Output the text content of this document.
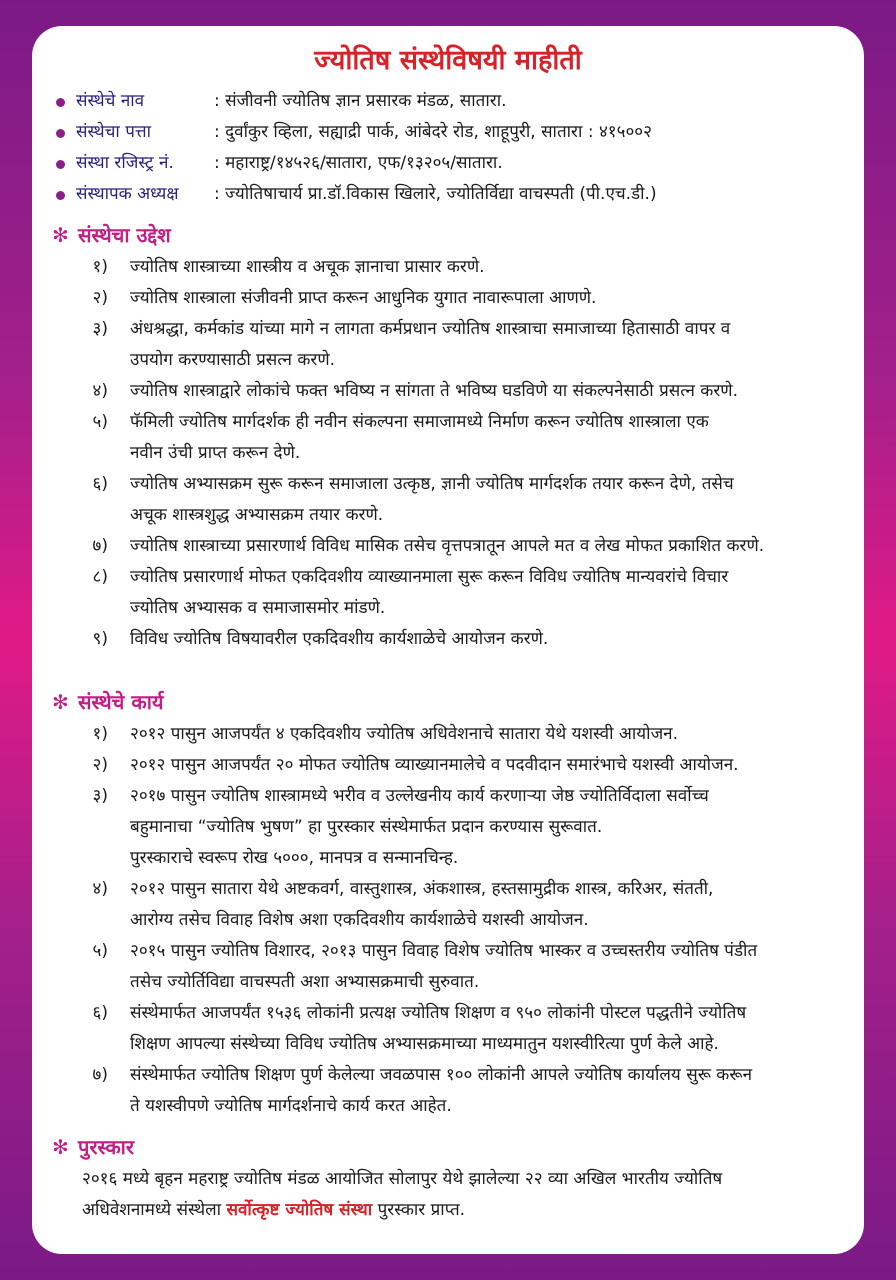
ज्योतिष संस्थेविषयी माहीती
संस्थेचे नाव	: संजीवनी ज्योतिष ज्ञान प्रसारक मंडळ, सातारा.
संस्थेचा पत्ता	: दुर्वांकुर व्हिला, सह्याद्री पार्क, आंबेदरे रोड, शाहूपुरी, सातारा : ४१५००२
संस्था रजिस्ट्र नं. : महाराष्ट्र/१४५२६/सातारा, एफ/१३२०५/सातारा.
संस्थापक अध्यक्ष : ज्योतिषाचार्य प्रा.डॉ.विकास खिलारे, ज्योतिर्विद्या वाचस्पती (पी.एच.डी.)
✻ संस्थेचा उद्देश
१)	ज्योतिष शास्त्राच्या शास्त्रीय व अचूक ज्ञानाचा प्रासार करणे.
२)	ज्योतिष शास्त्राला संजीवनी प्राप्त करून आधुनिक युगात नावारूपाला आणणे.
३)	अंधश्रद्धा, कर्मकांड यांच्या मागे न लागता कर्मप्रधान ज्योतिष शास्त्राचा समाजाच्या हितासाठी वापर व
उपयोग करण्यासाठी प्रसत्न करणे.
४)	ज्योतिष शास्त्राद्वारे लोकांचे फक्त भविष्य न सांगता ते भविष्य घडविणे या संकल्पनेसाठी प्रसत्न करणे.
५)	फॅमिली ज्योतिष मार्गदर्शक ही नवीन संकल्पना समाजामध्ये निर्माण करून ज्योतिष शास्त्राला एक
नवीन उंची प्राप्त करून देणे.
६)	ज्योतिष अभ्यासक्रम सुरू करून समाजाला उत्कृष्ठ, ज्ञानी ज्योतिष मार्गदर्शक तयार करून देणे, तसेच
अचूक शास्त्रशुद्ध अभ्यासक्रम तयार करणे.
७)	ज्योतिष शास्त्राच्या प्रसारणार्थ विविध मासिक तसेच वृत्तपत्रातून आपले मत व लेख मोफत प्रकाशित करणे.
८)	ज्योतिष प्रसारणार्थ मोफत एकदिवशीय व्याख्यानमाला सुरू करून विविध ज्योतिष मान्यवरांचे विचार
ज्योतिष अभ्यासक व समाजासमोर मांडणे.
९)	विविध ज्योतिष विषयावरील एकदिवशीय कार्यशाळेचे आयोजन करणे.
✻ संस्थेचे कार्य
१)	२०१२ पासुन आजपर्यंत ४ एकदिवशीय ज्योतिष अधिवेशनाचे सातारा येथे यशस्वी आयोजन.
२)	२०१२ पासुन आजपर्यंत २० मोफत ज्योतिष व्याख्यानमालेचे व पदवीदान समारंभाचे यशस्वी आयोजन.
३)	२०१७ पासुन ज्योतिष शास्त्रामध्ये भरीव व उल्लेखनीय कार्य करणाऱ्या जेष्ठ ज्योतिर्विदाला सर्वोच्च
बहुमानाचा “ज्योतिष भुषण” हा पुरस्कार संस्थेमार्फत प्रदान करण्यास सुरूवात.
पुरस्काराचे स्वरूप रोख ५०००, मानपत्र व सन्मानचिन्ह.
४)	२०१२ पासुन सातारा येथे अष्टकवर्ग, वास्तुशास्त्र, अंकशास्त्र, हस्तसामुद्रीक शास्त्र, करिअर, संतती,
आरोग्य तसेच विवाह विशेष अशा एकदिवशीय कार्यशाळेचे यशस्वी आयोजन.
५)	२०१५ पासुन ज्योतिष विशारद, २०१३ पासुन विवाह विशेष ज्योतिष भास्कर व उच्चस्तरीय ज्योतिष पंडीत
तसेच ज्योर्तिविद्या वाचस्पती अशा अभ्यासक्रमाची सुरुवात.
६)	संस्थेमार्फत आजपर्यंत १५३६ लोकांनी प्रत्यक्ष ज्योतिष शिक्षण व ९५० लोकांनी पोस्टल पद्धतीने ज्योतिष
शिक्षण आपल्या संस्थेच्या विविध ज्योतिष अभ्यासक्रमाच्या माध्यमातुन यशस्वीरित्या पुर्ण केले आहे.
७)	संस्थेमार्फत ज्योतिष शिक्षण पुर्ण केलेल्या जवळपास १०० लोकांनी आपले ज्योतिष कार्यालय सुरू करून
ते यशस्वीपणे ज्योतिष मार्गदर्शनाचे कार्य करत आहेत.
✻ पुरस्कार
२०१६ मध्ये बृहन महराष्ट्र ज्योतिष मंडळ आयोजित सोलापुर येथे झालेल्या २२ व्या अखिल भारतीय ज्योतिष
अधिवेशनामध्ये संस्थेला सर्वोत्कृष्ट ज्योतिष संस्था पुरस्कार प्राप्त.
